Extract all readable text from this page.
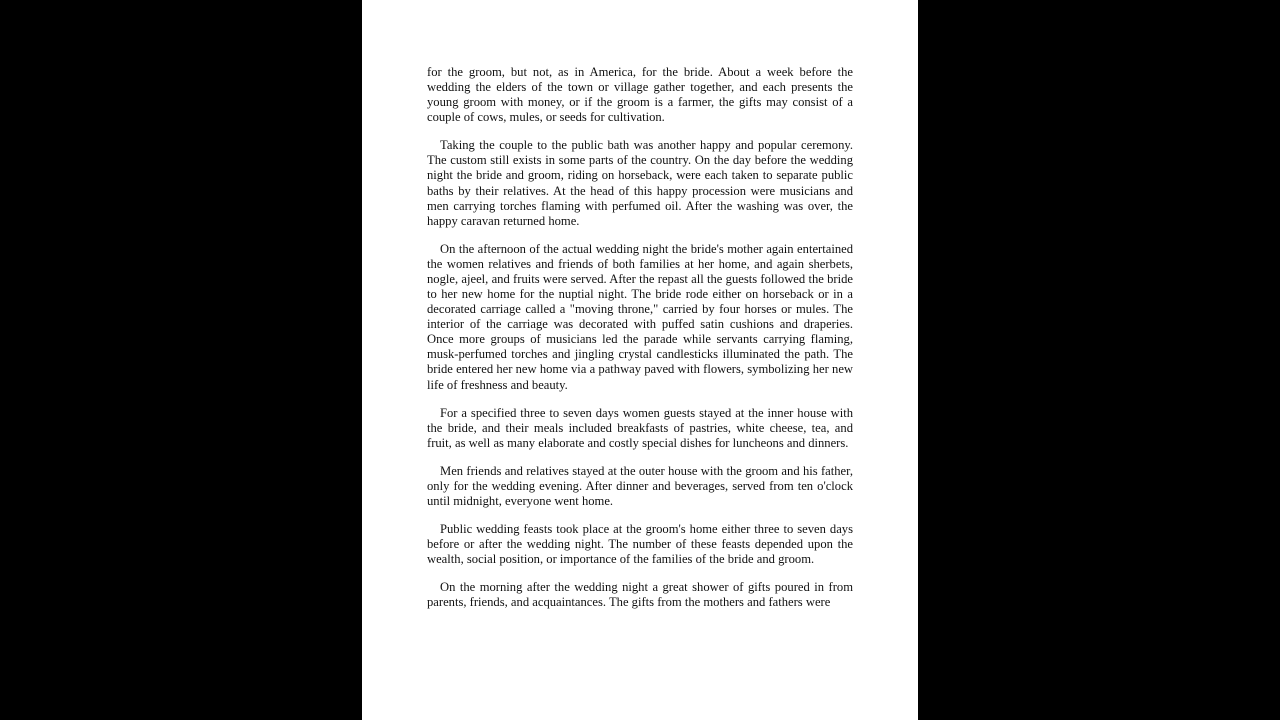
for the groom, but not, as in America, for the bride. About a week before the wedding the elders of the town or village gather together, and each presents the young groom with money, or if the groom is a farmer, the gifts may consist of a couple of cows, mules, or seeds for cultivation.

Taking the couple to the public bath was another happy and popular ceremony. The custom still exists in some parts of the country. On the day before the wedding night the bride and groom, riding on horseback, were each taken to separate public baths by their relatives. At the head of this happy procession were musicians and men carrying torches flaming with perfumed oil. After the washing was over, the happy caravan returned home.

On the afternoon of the actual wedding night the bride's mother again entertained the women relatives and friends of both families at her home, and again sherbets, nogle, ajeel, and fruits were served. After the repast all the guests followed the bride to her new home for the nuptial night. The bride rode either on horseback or in a decorated carriage called a "moving throne," carried by four horses or mules. The interior of the carriage was decorated with puffed satin cushions and draperies. Once more groups of musicians led the parade while servants carrying flaming, musk-perfumed torches and jingling crystal candlesticks illuminated the path. The bride entered her new home via a pathway paved with flowers, symbolizing her new life of freshness and beauty.

For a specified three to seven days women guests stayed at the inner house with the bride, and their meals included breakfasts of pastries, white cheese, tea, and fruit, as well as many elaborate and costly special dishes for luncheons and dinners.

Men friends and relatives stayed at the outer house with the groom and his father, only for the wedding evening. After dinner and beverages, served from ten o'clock until midnight, everyone went home.

Public wedding feasts took place at the groom's home either three to seven days before or after the wedding night. The number of these feasts depended upon the wealth, social position, or importance of the families of the bride and groom.

On the morning after the wedding night a great shower of gifts poured in from parents, friends, and acquaintances. The gifts from the mothers and fathers were
